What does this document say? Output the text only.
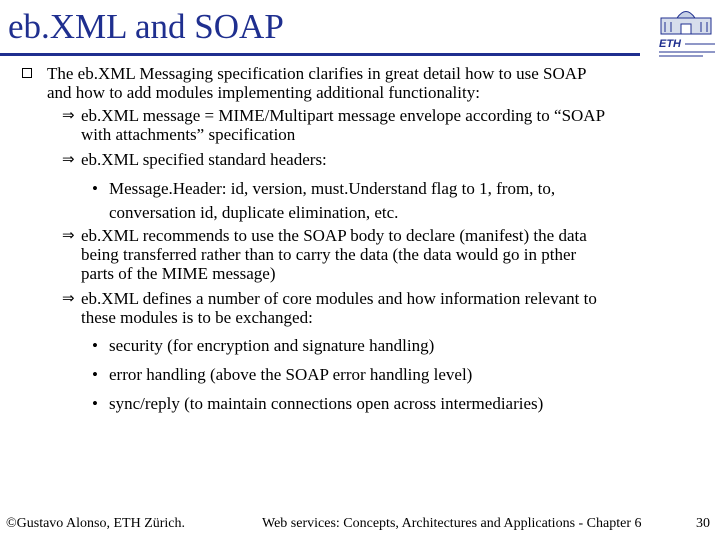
eb.XML and SOAP	ETH
The eb.XML Messaging specification clarifies in great detail how to use SOAP
and how to add modules implementing additional functionality:
⇒ eb.XML message = MIME/Multipart message envelope according to “SOAP
with attachments” specification
⇒ eb.XML specified standard headers:
• Message.Header: id, version, must.Understand flag to 1, from, to,
conversation id, duplicate elimination, etc.
⇒ eb.XML recommends to use the SOAP body to declare (manifest) the data
being transferred rather than to carry the data (the data would go in pther
parts of the MIME message)
⇒ eb.XML defines a number of core modules and how information relevant to
these modules is to be exchanged:
• security (for encryption and signature handling)
• error handling (above the SOAP error handling level)
• sync/reply (to maintain connections open across intermediaries)
©Gustavo Alonso, ETH Zürich.	Web services: Concepts, Architectures and Applications - Chapter 6	30
